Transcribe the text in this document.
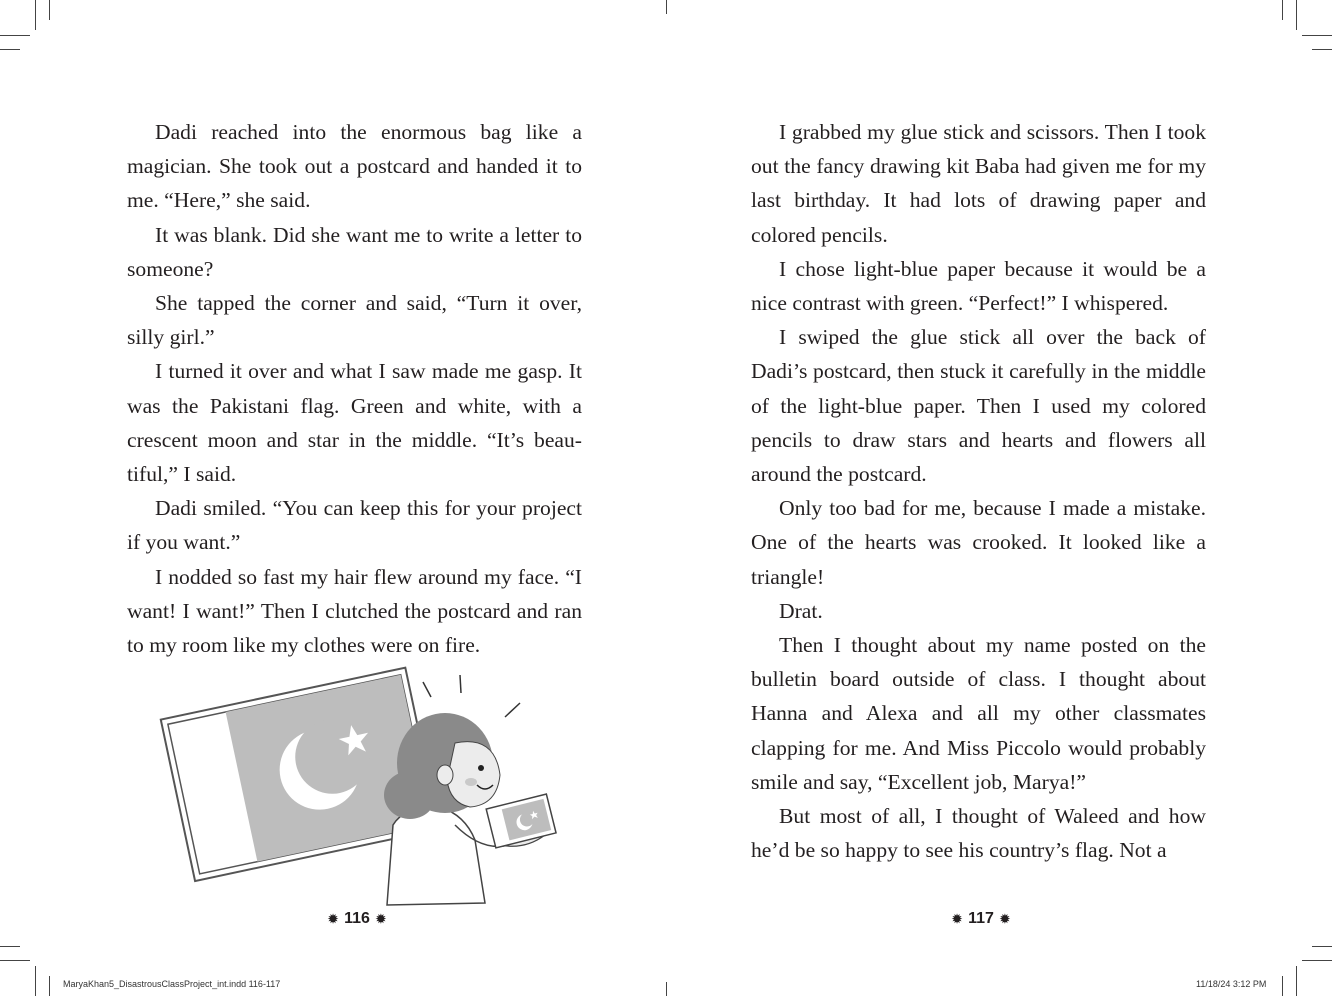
Dadi reached into the enormous bag like a magician. She took out a postcard and handed it to me. “Here,” she said.

It was blank. Did she want me to write a letter to someone?

She tapped the corner and said, “Turn it over, silly girl.”

I turned it over and what I saw made me gasp. It was the Pakistani flag. Green and white, with a crescent moon and star in the middle. “It’s beautiful,” I said.

Dadi smiled. “You can keep this for your project if you want.”

I nodded so fast my hair flew around my face. “I want! I want!” Then I clutched the postcard and ran to my room like my clothes were on fire.

✹ 116 ✹

I grabbed my glue stick and scissors. Then I took out the fancy drawing kit Baba had given me for my last birthday. It had lots of drawing paper and colored pencils.

I chose light-blue paper because it would be a nice contrast with green. “Perfect!” I whispered.

I swiped the glue stick all over the back of Dadi’s postcard, then stuck it carefully in the middle of the light-blue paper. Then I used my colored pencils to draw stars and hearts and flowers all around the postcard.

Only too bad for me, because I made a mistake. One of the hearts was crooked. It looked like a triangle!

Drat.

Then I thought about my name posted on the bulletin board outside of class. I thought about Hanna and Alexa and all my other classmates clapping for me. And Miss Piccolo would probably smile and say, “Excellent job, Marya!”

But most of all, I thought of Waleed and how he’d be so happy to see his country’s flag. Not a

✹ 117 ✹
MaryaKhan5_DisastrousClassProject_int.indd 116-117	11/18/24 3:12 PM
